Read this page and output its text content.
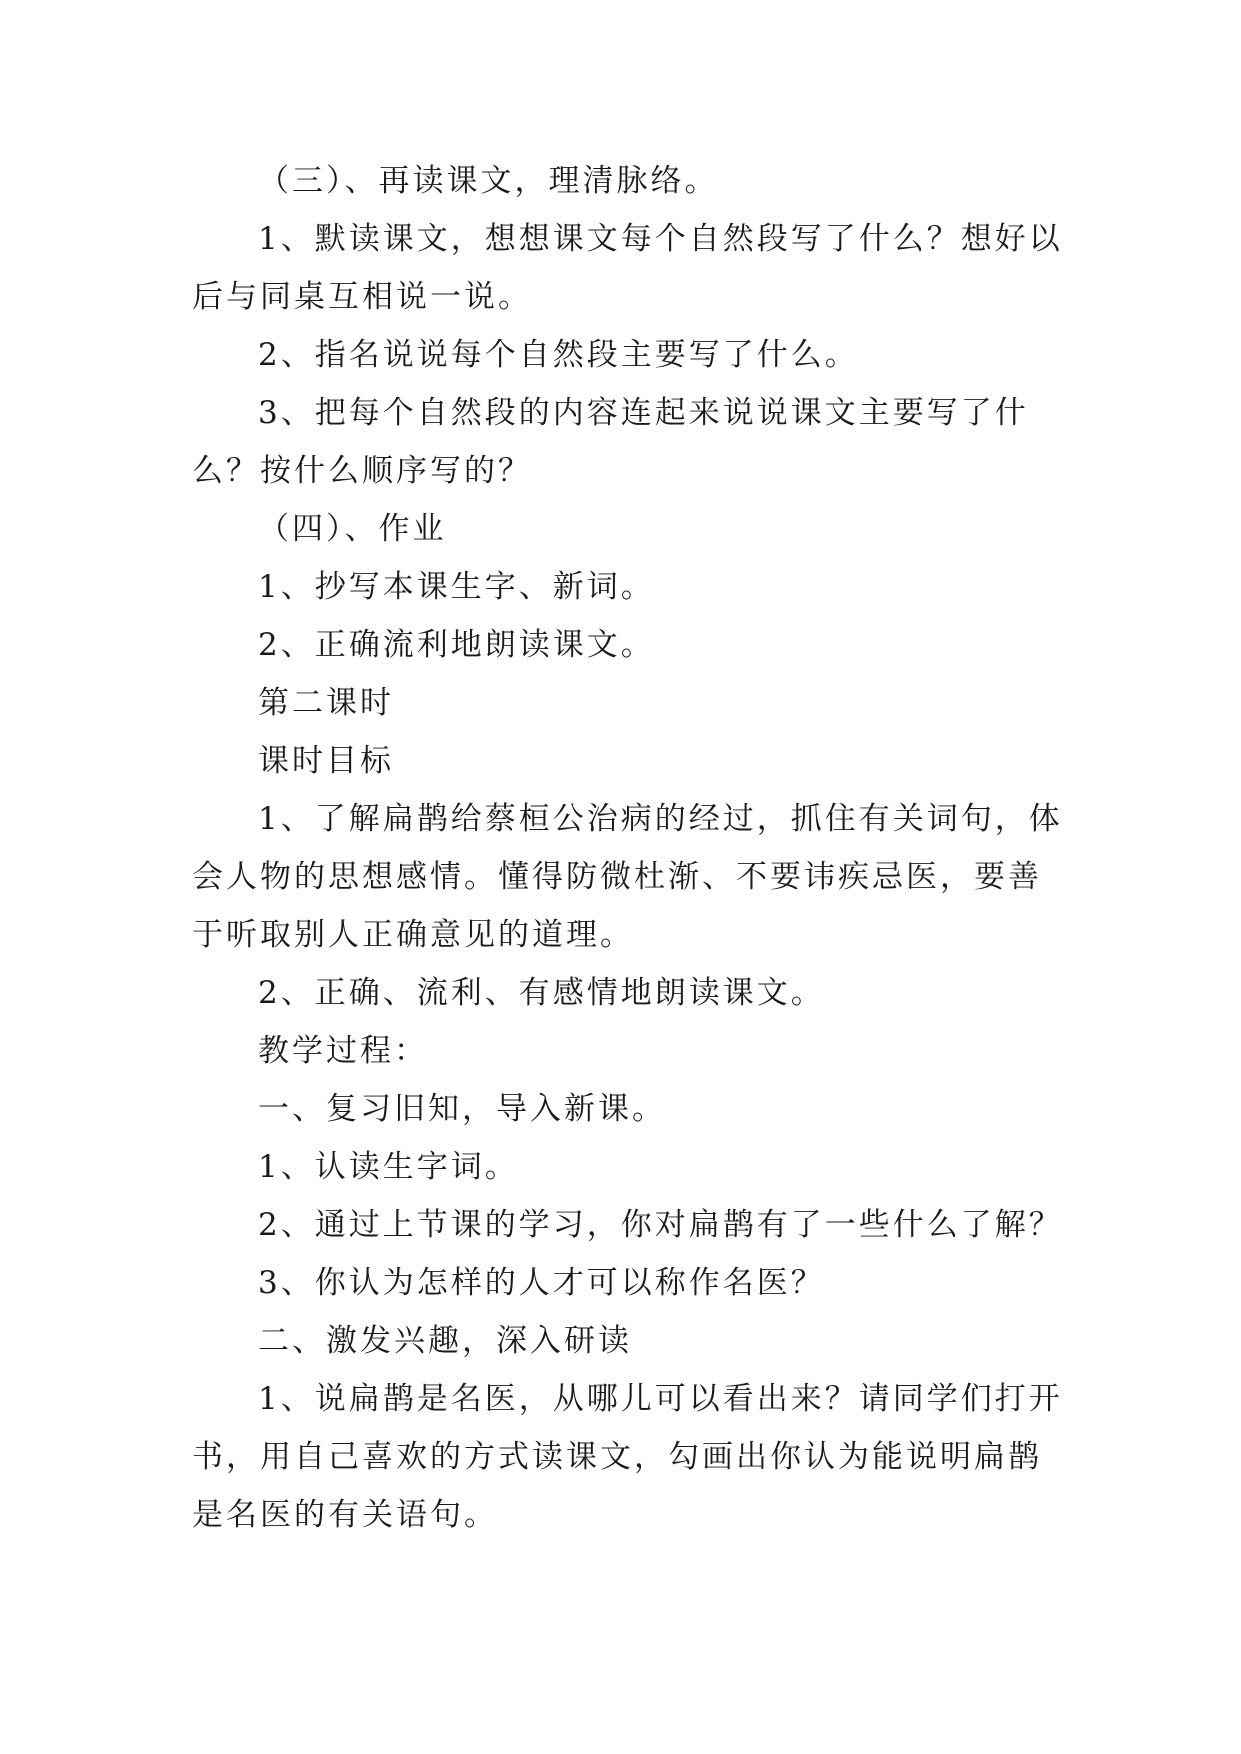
（三）、再读课文，理清脉络。

1、默读课文，想想课文每个自然段写了什么？想好以后与同桌互相说一说。

2、指名说说每个自然段主要写了什么。

3、把每个自然段的内容连起来说说课文主要写了什么？按什么顺序写的？

（四）、作业

1、抄写本课生字、新词。

2、正确流利地朗读课文。

第二课时

课时目标

1、了解扁鹊给蔡桓公治病的经过，抓住有关词句，体会人物的思想感情。懂得防微杜渐、不要讳疾忌医，要善于听取别人正确意见的道理。

2、正确、流利、有感情地朗读课文。

教学过程：

一、复习旧知，导入新课。

1、认读生字词。

2、通过上节课的学习，你对扁鹊有了一些什么了解？

3、你认为怎样的人才可以称作名医？

二、激发兴趣，深入研读

1、说扁鹊是名医，从哪儿可以看出来？请同学们打开书，用自己喜欢的方式读课文，勾画出你认为能说明扁鹊是名医的有关语句。
